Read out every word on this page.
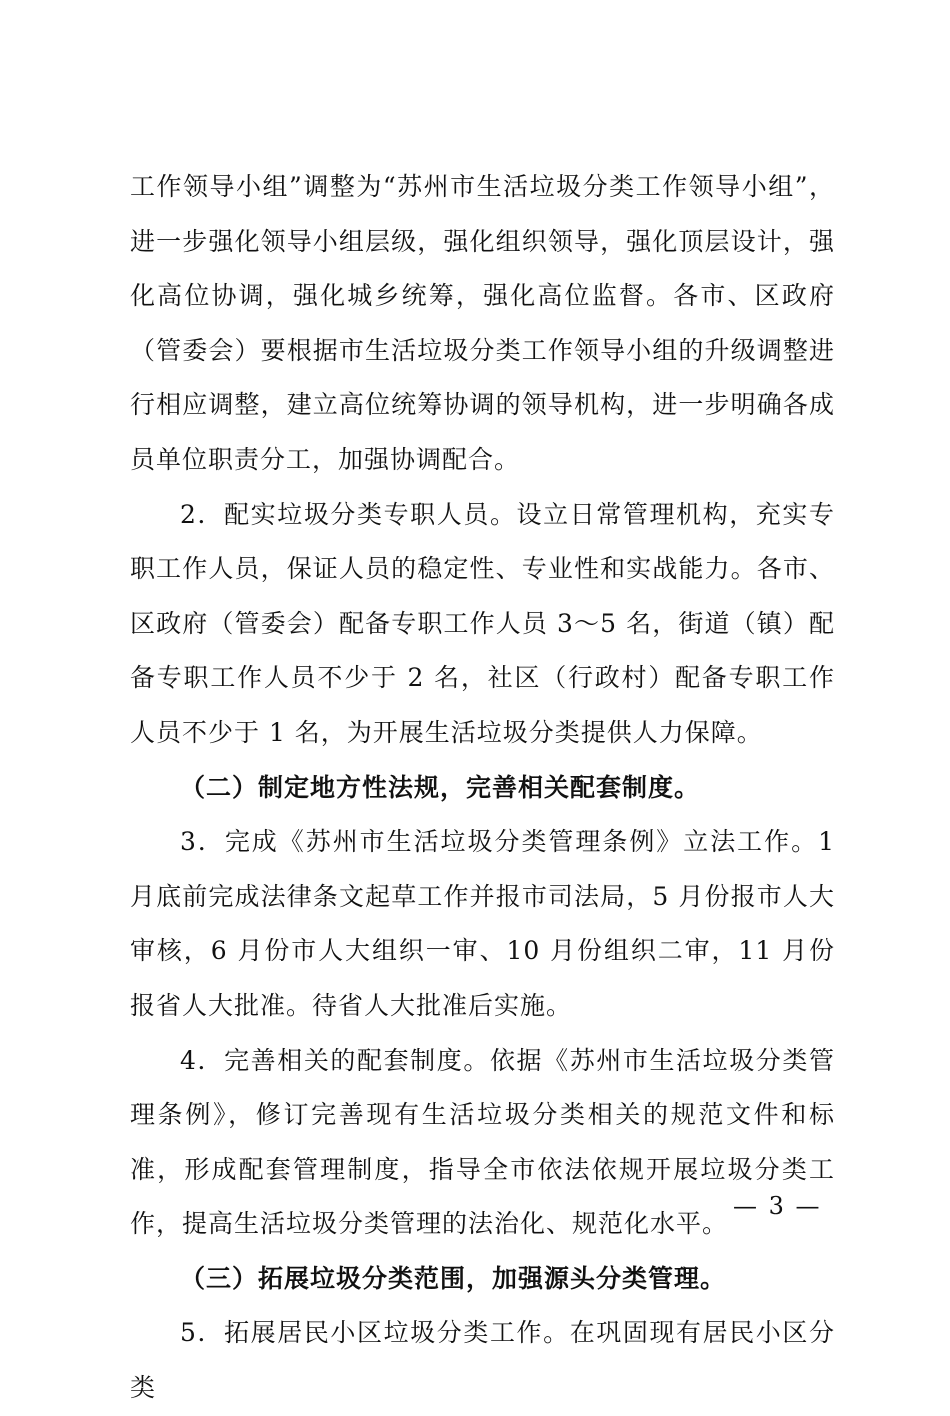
工作领导小组”调整为“苏州市生活垃圾分类工作领导小组”，进一步强化领导小组层级，强化组织领导，强化顶层设计，强化高位协调，强化城乡统筹，强化高位监督。各市、区政府（管委会）要根据市生活垃圾分类工作领导小组的升级调整进行相应调整，建立高位统筹协调的领导机构，进一步明确各成员单位职责分工，加强协调配合。

2．配实垃圾分类专职人员。设立日常管理机构，充实专职工作人员，保证人员的稳定性、专业性和实战能力。各市、区政府（管委会）配备专职工作人员 3～5 名，街道（镇）配备专职工作人员不少于 2 名，社区（行政村）配备专职工作人员不少于 1 名，为开展生活垃圾分类提供人力保障。

（二）制定地方性法规，完善相关配套制度。

3．完成《苏州市生活垃圾分类管理条例》立法工作。1 月底前完成法律条文起草工作并报市司法局，5 月份报市人大审核，6 月份市人大组织一审、10 月份组织二审，11 月份报省人大批准。待省人大批准后实施。

4．完善相关的配套制度。依据《苏州市生活垃圾分类管理条例》，修订完善现有生活垃圾分类相关的规范文件和标准，形成配套管理制度，指导全市依法依规开展垃圾分类工作，提高生活垃圾分类管理的法治化、规范化水平。

（三）拓展垃圾分类范围，加强源头分类管理。

5．拓展居民小区垃圾分类工作。在巩固现有居民小区分类

— 3 —
